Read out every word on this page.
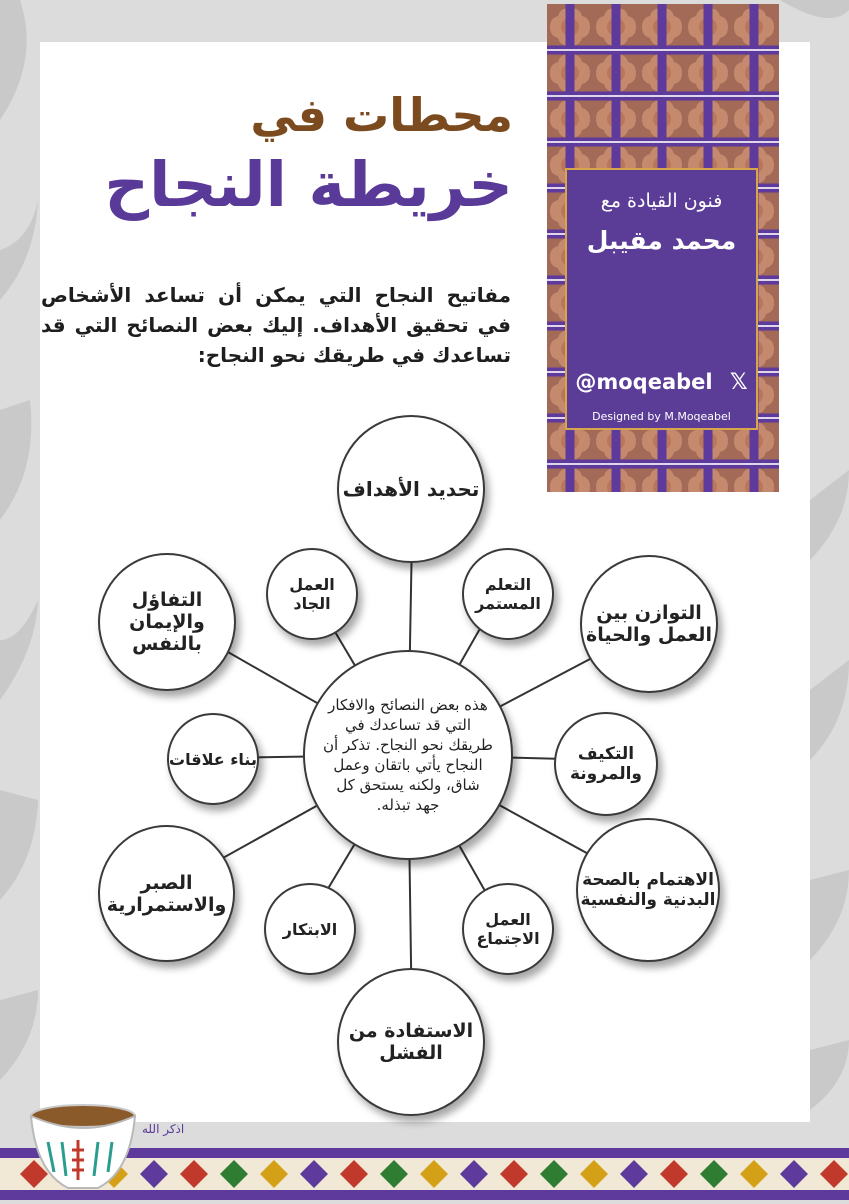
فنون القيادة مع
محمد مقيبل
@moqeabel 𝕏
Designed by M.Moqeabel
محطات في
خريطة النجاح
مفاتيح النجاح التي يمكن أن تساعد الأشخاص في تحقيق الأهداف. إليك بعض النصائح التي قد تساعدك في طريقك نحو النجاح:
هذه بعض النصائح والافكار التي قد تساعدك في طريقك نحو النجاح. تذكر أن النجاح يأتي باتقان وعمل شاق، ولكنه يستحق كل جهد تبذله.
تحديد الأهداف
التعلم المستمر	التوازن بين العمل والحياة
التكيف والمرونة
الاهتمام بالصحة البدنية والنفسية
العمل الاجتماع
الاستفادة من الفشل
الابتكار
الصبر والاستمرارية
بناء علاقات
التفاؤل والإيمان بالنفس
العمل الجاد
اذكر الله
